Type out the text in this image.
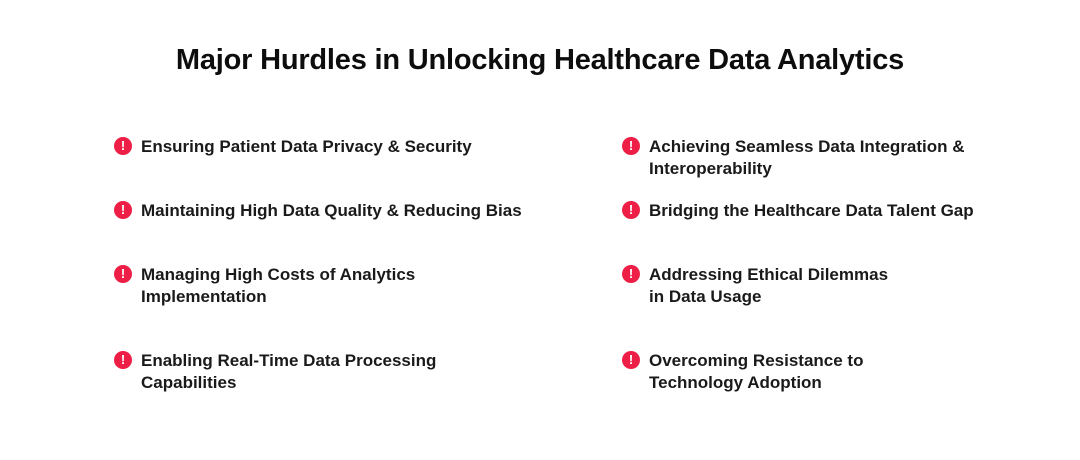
Major Hurdles in Unlocking Healthcare Data Analytics
! Ensuring Patient Data Privacy & Security
! Maintaining High Data Quality & Reducing Bias
! Managing High Costs of Analytics
Implementation
! Enabling Real-Time Data Processing
Capabilities
! Achieving Seamless Data Integration &
Interoperability
! Bridging the Healthcare Data Talent Gap
! Addressing Ethical Dilemmas
in Data Usage
! Overcoming Resistance to
Technology Adoption
